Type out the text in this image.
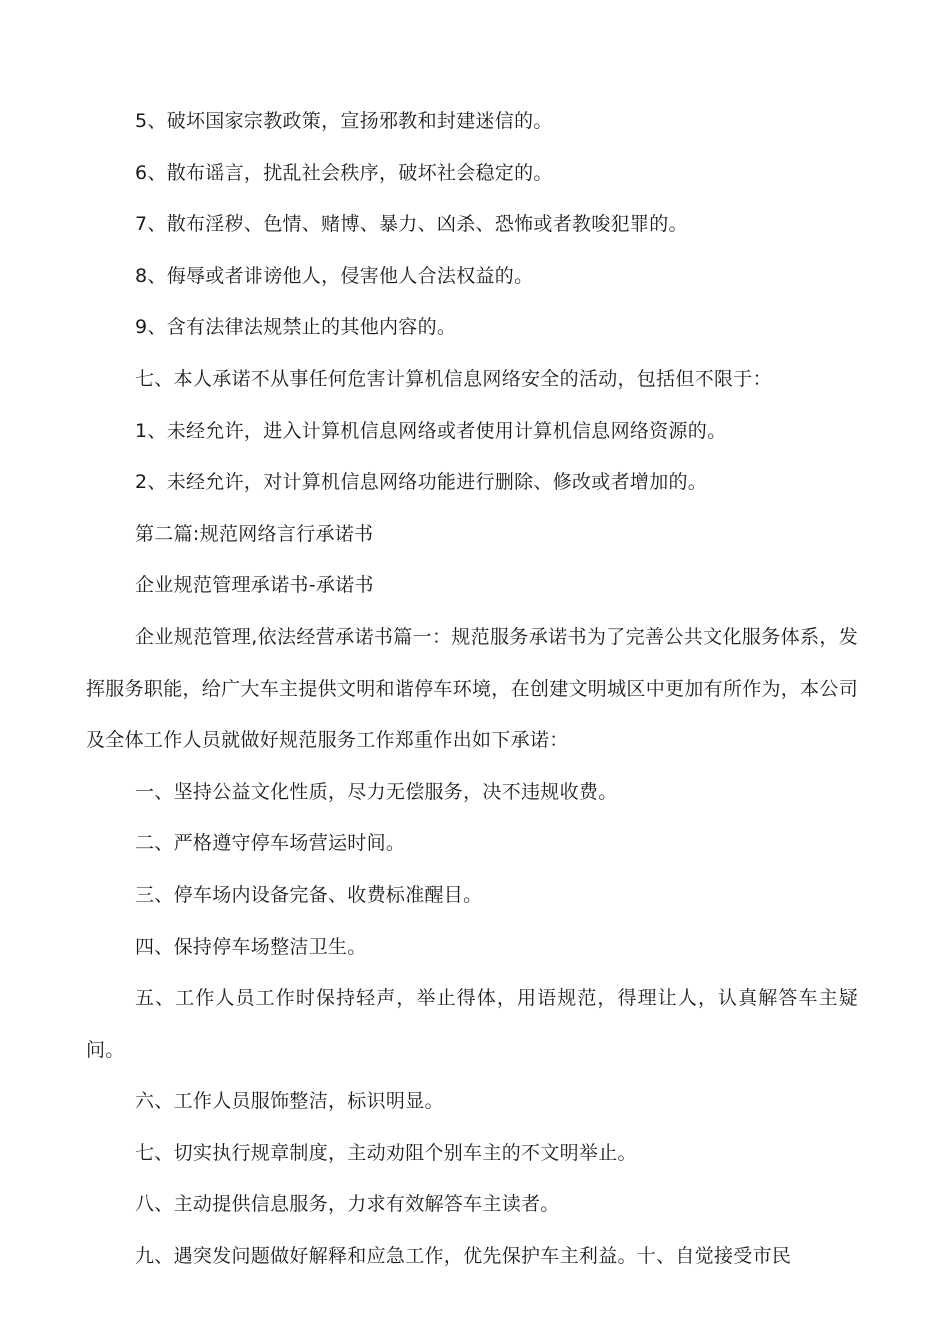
5、破坏国家宗教政策，宣扬邪教和封建迷信的。

6、散布谣言，扰乱社会秩序，破坏社会稳定的。

7、散布淫秽、色情、赌博、暴力、凶杀、恐怖或者教唆犯罪的。

8、侮辱或者诽谤他人，侵害他人合法权益的。

9、含有法律法规禁止的其他内容的。

七、本人承诺不从事任何危害计算机信息网络安全的活动，包括但不限于：

1、未经允许，进入计算机信息网络或者使用计算机信息网络资源的。

2、未经允许，对计算机信息网络功能进行删除、修改或者增加的。

第二篇:规范网络言行承诺书

企业规范管理承诺书-承诺书

企业规范管理,依法经营承诺书篇一：规范服务承诺书为了完善公共文化服务体系，发挥服务职能，给广大车主提供文明和谐停车环境，在创建文明城区中更加有所作为，本公司及全体工作人员就做好规范服务工作郑重作出如下承诺：

一、坚持公益文化性质，尽力无偿服务，决不违规收费。

二、严格遵守停车场营运时间。

三、停车场内设备完备、收费标准醒目。

四、保持停车场整洁卫生。

五、工作人员工作时保持轻声，举止得体，用语规范，得理让人，认真解答车主疑问。

六、工作人员服饰整洁，标识明显。

七、切实执行规章制度，主动劝阻个别车主的不文明举止。

八、主动提供信息服务，力求有效解答车主读者。

九、遇突发问题做好解释和应急工作，优先保护车主利益。十、自觉接受市民
